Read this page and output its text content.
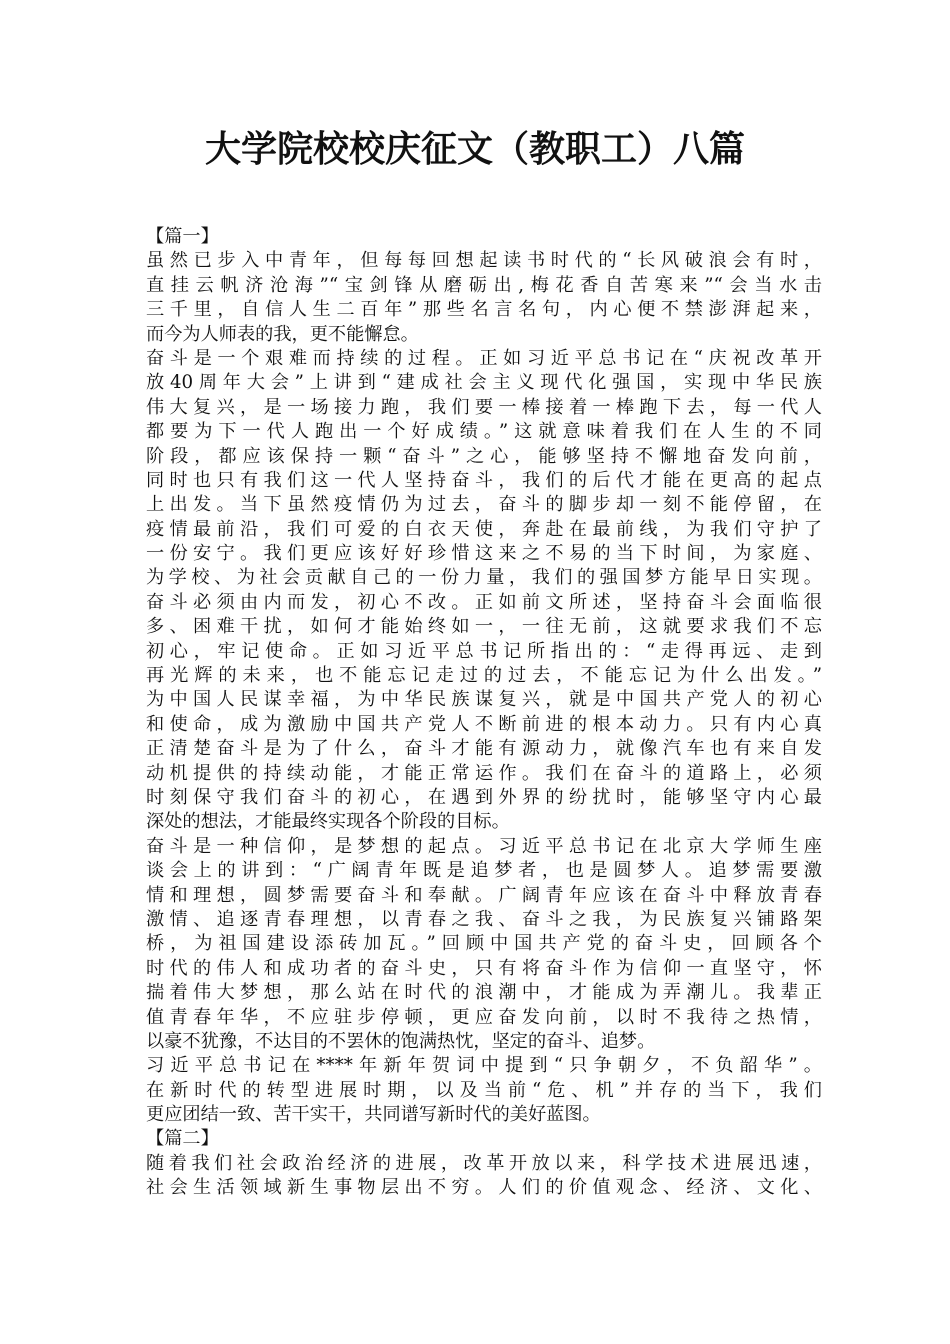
大学院校校庆征文（教职工）八篇
【篇一】
虽然已步入中青年，但每每回想起读书时代的“长风破浪会有时，
直挂云帆济沧海”“宝剑锋从磨砺出,梅花香自苦寒来”“会当水击
三千里，自信人生二百年”那些名言名句，内心便不禁澎湃起来，
而今为人师表的我，更不能懈怠。
奋斗是一个艰难而持续的过程。正如习近平总书记在“庆祝改革开
放40周年大会”上讲到“建成社会主义现代化强国，实现中华民族
伟大复兴，是一场接力跑，我们要一棒接着一棒跑下去，每一代人
都要为下一代人跑出一个好成绩。”这就意味着我们在人生的不同
阶段，都应该保持一颗“奋斗”之心，能够坚持不懈地奋发向前，
同时也只有我们这一代人坚持奋斗，我们的后代才能在更高的起点
上出发。当下虽然疫情仍为过去，奋斗的脚步却一刻不能停留，在
疫情最前沿，我们可爱的白衣天使，奔赴在最前线，为我们守护了
一份安宁。我们更应该好好珍惜这来之不易的当下时间，为家庭、
为学校、为社会贡献自己的一份力量，我们的强国梦方能早日实现。
奋斗必须由内而发，初心不改。正如前文所述，坚持奋斗会面临很
多、困难干扰，如何才能始终如一，一往无前，这就要求我们不忘
初心，牢记使命。正如习近平总书记所指出的：“走得再远、走到
再光辉的未来，也不能忘记走过的过去，不能忘记为什么出发。”
为中国人民谋幸福，为中华民族谋复兴，就是中国共产党人的初心
和使命，成为激励中国共产党人不断前进的根本动力。只有内心真
正清楚奋斗是为了什么，奋斗才能有源动力，就像汽车也有来自发
动机提供的持续动能，才能正常运作。我们在奋斗的道路上，必须
时刻保守我们奋斗的初心，在遇到外界的纷扰时，能够坚守内心最
深处的想法，才能最终实现各个阶段的目标。
奋斗是一种信仰，是梦想的起点。习近平总书记在北京大学师生座
谈会上的讲到：“广阔青年既是追梦者，也是圆梦人。追梦需要激
情和理想，圆梦需要奋斗和奉献。广阔青年应该在奋斗中释放青春
激情、追逐青春理想，以青春之我、奋斗之我，为民族复兴铺路架
桥，为祖国建设添砖加瓦。”回顾中国共产党的奋斗史，回顾各个
时代的伟人和成功者的奋斗史，只有将奋斗作为信仰一直坚守，怀
揣着伟大梦想，那么站在时代的浪潮中，才能成为弄潮儿。我辈正
值青春年华，不应驻步停顿，更应奋发向前，以时不我待之热情，
以豪不犹豫，不达目的不罢休的饱满热忱，坚定的奋斗、追梦。
习近平总书记在****年新年贺词中提到“只争朝夕，不负韶华”。
在新时代的转型进展时期，以及当前“危、机”并存的当下，我们
更应团结一致、苦干实干，共同谱写新时代的美好蓝图。
【篇二】
随着我们社会政治经济的进展，改革开放以来，科学技术进展迅速，
社会生活领域新生事物层出不穷。人们的价值观念、经济、文化、
